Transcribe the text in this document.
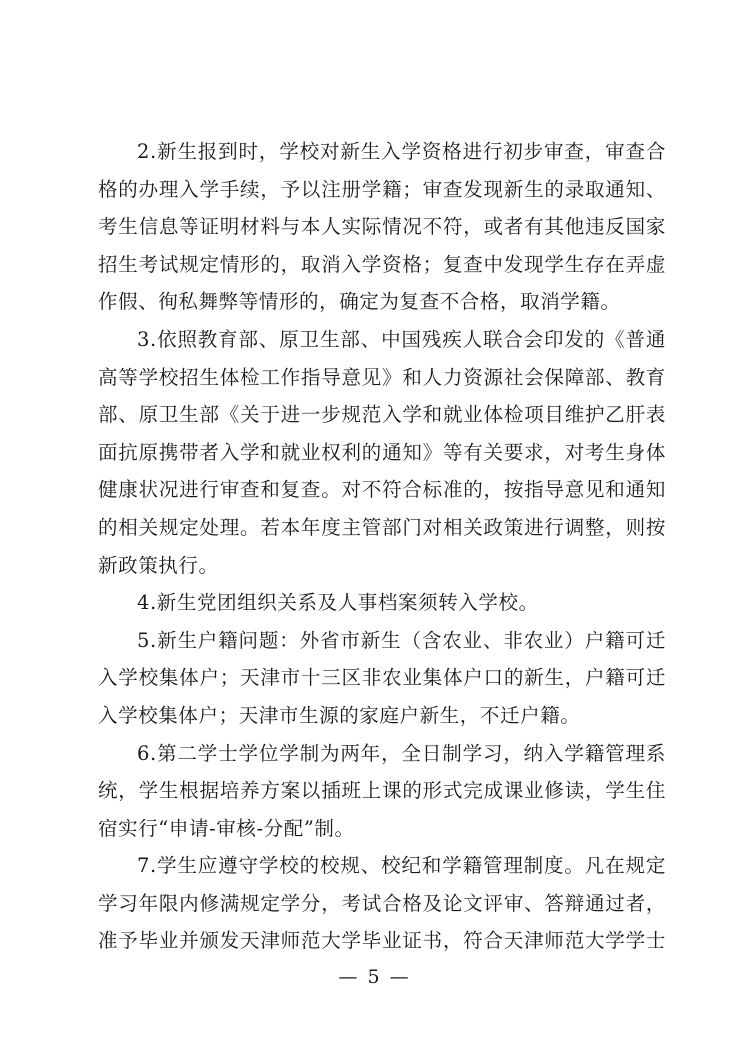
2.新生报到时，学校对新生入学资格进行初步审查，审查合格的办理入学手续，予以注册学籍；审查发现新生的录取通知、考生信息等证明材料与本人实际情况不符，或者有其他违反国家招生考试规定情形的，取消入学资格；复查中发现学生存在弄虚作假、徇私舞弊等情形的，确定为复查不合格，取消学籍。

3.依照教育部、原卫生部、中国残疾人联合会印发的《普通高等学校招生体检工作指导意见》和人力资源社会保障部、教育部、原卫生部《关于进一步规范入学和就业体检项目维护乙肝表面抗原携带者入学和就业权利的通知》等有关要求，对考生身体健康状况进行审查和复查。对不符合标准的，按指导意见和通知的相关规定处理。若本年度主管部门对相关政策进行调整，则按新政策执行。

4.新生党团组织关系及人事档案须转入学校。

5.新生户籍问题：外省市新生（含农业、非农业）户籍可迁入学校集体户；天津市十三区非农业集体户口的新生，户籍可迁入学校集体户；天津市生源的家庭户新生，不迁户籍。

6.第二学士学位学制为两年，全日制学习，纳入学籍管理系统，学生根据培养方案以插班上课的形式完成课业修读，学生住宿实行“申请-审核-分配”制。

7.学生应遵守学校的校规、校纪和学籍管理制度。凡在规定学习年限内修满规定学分，考试合格及论文评审、答辩通过者，准予毕业并颁发天津师范大学毕业证书，符合天津师范大学学士

— 5 —
